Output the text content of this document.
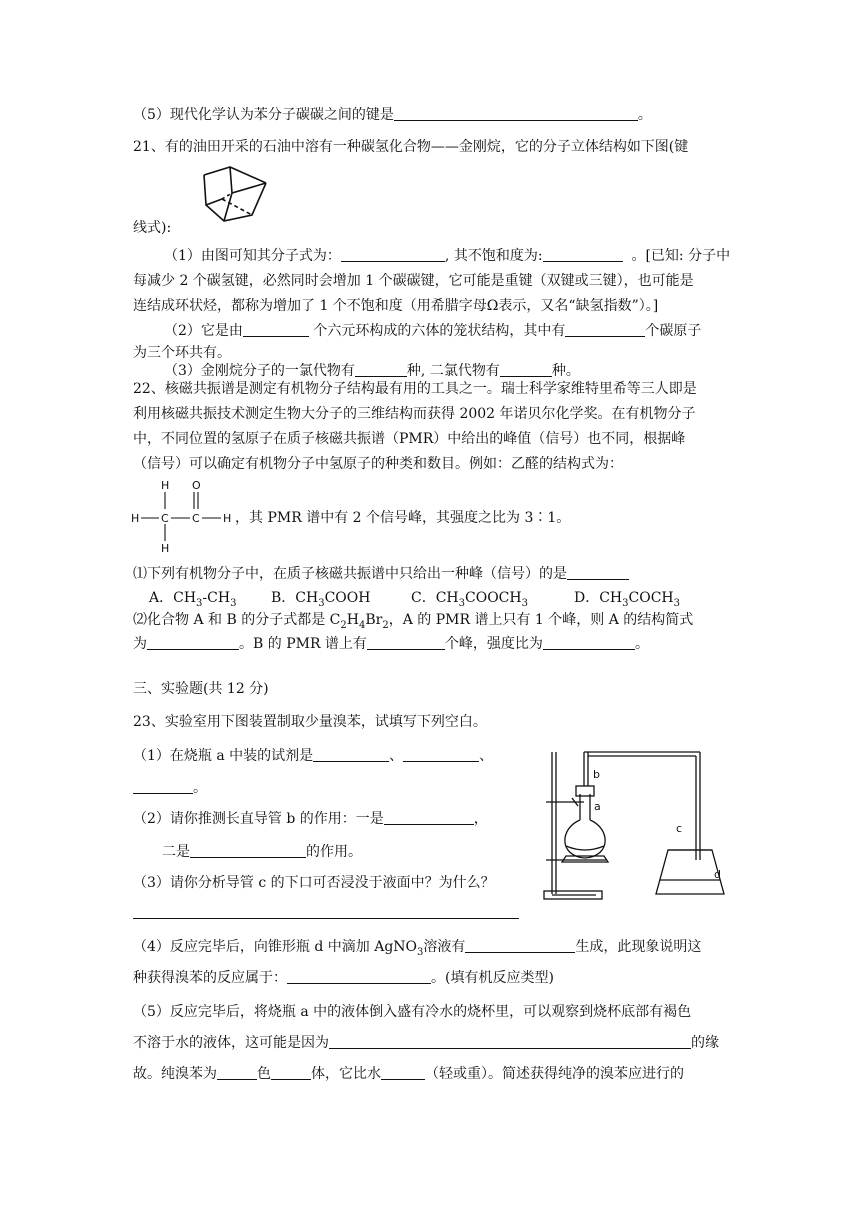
（5）现代化学认为苯分子碳碳之间的键是	。
21、有的油田开采的石油中溶有一种碳氢化合物——金刚烷，它的分子立体结构如下图(键
线式):
（1）由图可知其分子式为：	, 其不饱和度为:	。[已知: 分子中
每减少 2 个碳氢键，必然同时会增加 1 个碳碳键，它可能是重键（双键或三键），也可能是
连结成环状烃，都称为增加了 1 个不饱和度（用希腊字母Ω表示，又名“缺氢指数”）。]
（2）它是由	个六元环构成的六体的笼状结构，其中有	个碳原子
为三个环共有。
（3）金刚烷分子的一氯代物有	种, 二氯代物有	种。
22、核磁共振谱是测定有机物分子结构最有用的工具之一。瑞士科学家维特里希等三人即是
利用核磁共振技术测定生物大分子的三维结构而获得 2002 年诺贝尔化学奖。在有机物分子
中，不同位置的氢原子在质子核磁共振谱（PMR）中给出的峰值（信号）也不同，根据峰
（信号）可以确定有机物分子中氢原子的种类和数目。例如：乙醛的结构式为：
H O
H C C H
H
，其 PMR 谱中有 2 个信号峰，其强度之比为 3∶1。
⑴下列有机物分子中，在质子核磁共振谱中只给出一种峰（信号）的是
A．$CH_3-CH_3$ B．$CH_3COOH$	C．$CH_3COOCH_3$	D．$CH_3COCH_3$
⑵化合物 A 和 B 的分子式都是 $C_2H_4Br_2$，A 的 PMR 谱上只有 1 个峰，则 A 的结构简式
为	。B 的 PMR 谱上有	个峰，强度比为	。
三、实验题(共 12 分)
23、实验室用下图装置制取少量溴苯，试填写下列空白。
（1）在烧瓶 a 中装的试剂是	、	、
。
（2）请你推测长直导管 b 的作用：一是	，
二是	的作用。
（3）请你分析导管 c 的下口可否浸没于液面中？为什么？
b
a
c
d
（4）反应完毕后，向锥形瓶 d 中滴加 AgNO$_3$溶液有	生成，此现象说明这
种获得溴苯的反应属于：	。(填有机反应类型)
（5）反应完毕后，将烧瓶 a 中的液体倒入盛有冷水的烧杯里，可以观察到烧杯底部有褐色
不溶于水的液体，这可能是因为	的缘
故。纯溴苯为	色	体，它比水	（轻或重）。简述获得纯净的溴苯应进行的
